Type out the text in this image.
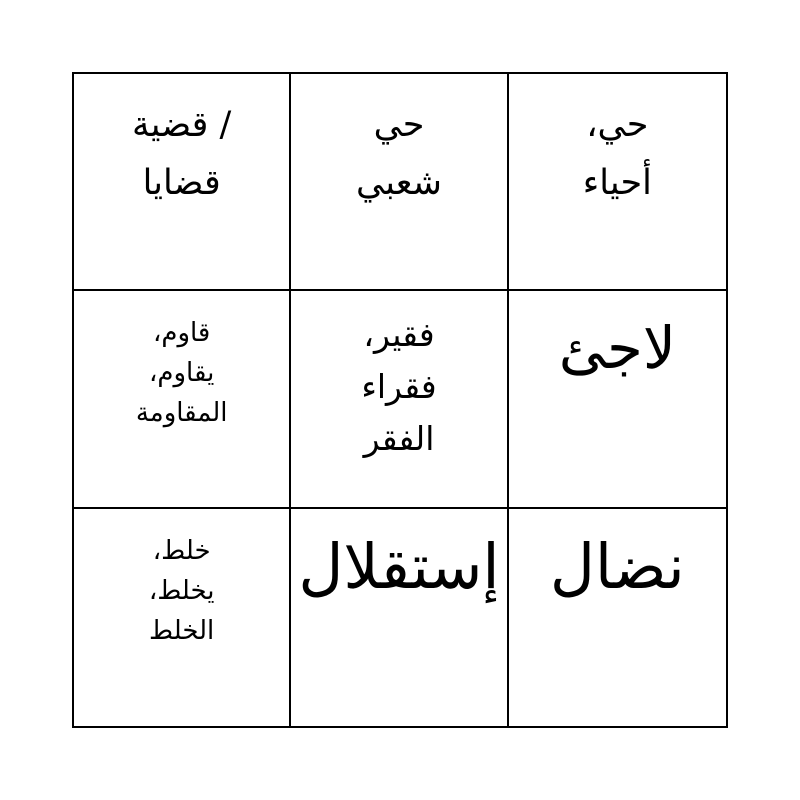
/ قضية
قضايا
حي
شعبي
حي،
أحياء
قاوم،
يقاوم،
المقاومة
فقير،
فقراء
الفقر
لاجئ
خلط،
يخلط،
الخلط
إستقلال نضال
